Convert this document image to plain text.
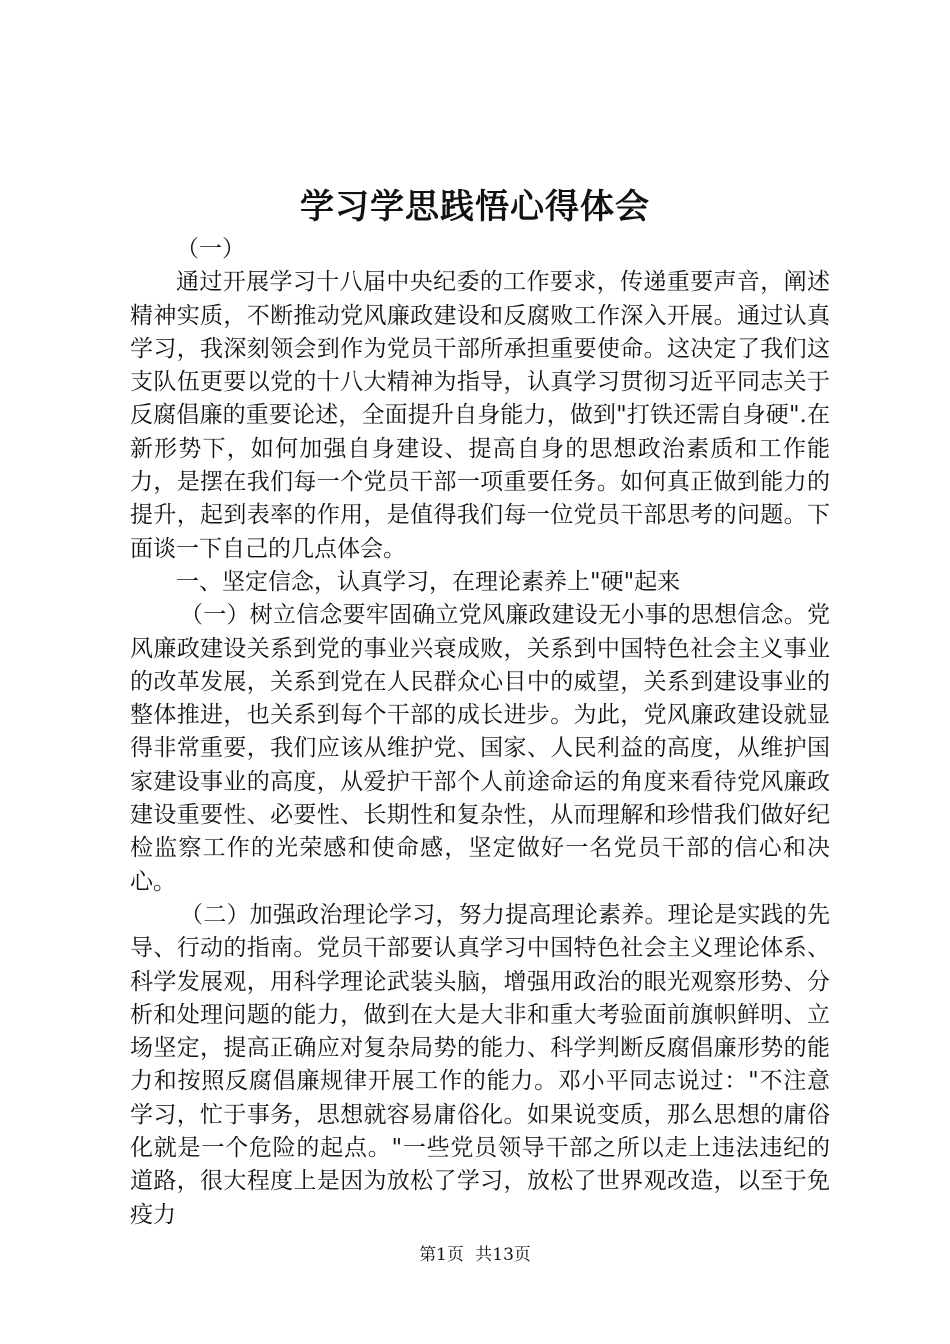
学习学思践悟心得体会

（一）

通过开展学习十八届中央纪委的工作要求，传递重要声音，阐述精神实质，不断推动党风廉政建设和反腐败工作深入开展。通过认真学习，我深刻领会到作为党员干部所承担重要使命。这决定了我们这支队伍更要以党的十八大精神为指导，认真学习贯彻习近平同志关于反腐倡廉的重要论述，全面提升自身能力，做到"打铁还需自身硬".在新形势下，如何加强自身建设、提高自身的思想政治素质和工作能力，是摆在我们每一个党员干部一项重要任务。如何真正做到能力的提升，起到表率的作用，是值得我们每一位党员干部思考的问题。下面谈一下自己的几点体会。

一、坚定信念，认真学习，在理论素养上"硬"起来

（一）树立信念要牢固确立党风廉政建设无小事的思想信念。党风廉政建设关系到党的事业兴衰成败，关系到中国特色社会主义事业的改革发展，关系到党在人民群众心目中的威望，关系到建设事业的整体推进，也关系到每个干部的成长进步。为此，党风廉政建设就显得非常重要，我们应该从维护党、国家、人民利益的高度，从维护国家建设事业的高度，从爱护干部个人前途命运的角度来看待党风廉政建设重要性、必要性、长期性和复杂性，从而理解和珍惜我们做好纪检监察工作的光荣感和使命感，坚定做好一名党员干部的信心和决心。

（二）加强政治理论学习，努力提高理论素养。理论是实践的先导、行动的指南。党员干部要认真学习中国特色社会主义理论体系、科学发展观，用科学理论武装头脑，增强用政治的眼光观察形势、分析和处理问题的能力，做到在大是大非和重大考验面前旗帜鲜明、立场坚定，提高正确应对复杂局势的能力、科学判断反腐倡廉形势的能力和按照反腐倡廉规律开展工作的能力。邓小平同志说过："不注意学习，忙于事务，思想就容易庸俗化。如果说变质，那么思想的庸俗化就是一个危险的起点。"一些党员领导干部之所以走上违法违纪的道路，很大程度上是因为放松了学习，放松了世界观改造，以至于免疫力

第1页 共13页
